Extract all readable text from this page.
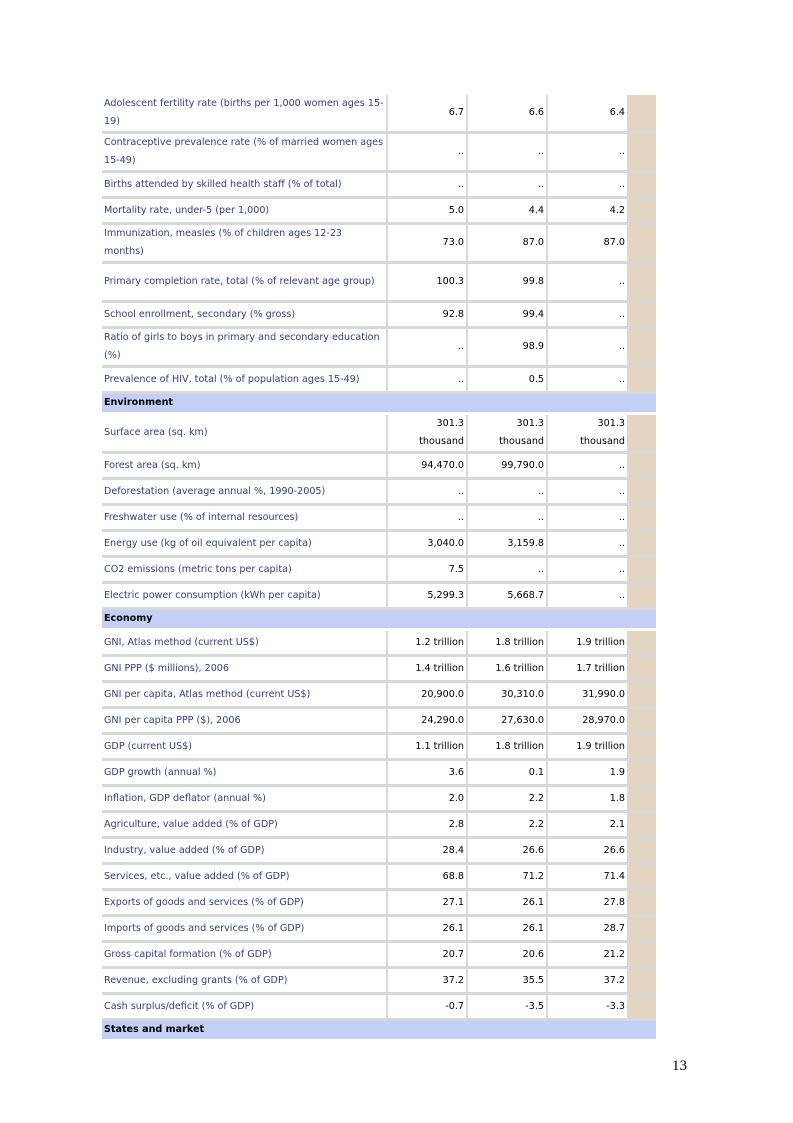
Adolescent fertility rate (births per 1,000 women ages 15-19)	6.7	6.6	6.4	
Contraceptive prevalence rate (% of married women ages 15-49)	..	..	..	
Births attended by skilled health staff (% of total)	..	..	..	
Mortality rate, under-5 (per 1,000)	5.0	4.4	4.2	
Immunization, measles (% of children ages 12-23 months)	73.0	87.0	87.0	
Primary completion rate, total (% of relevant age group)	100.3	99.8	..	
School enrollment, secondary (% gross)	92.8	99.4	..	
Ratio of girls to boys in primary and secondary education (%)	..	98.9	..	
Prevalence of HIV, total (% of population ages 15-49)	..	0.5	..	
Environment				
Surface area (sq. km)	301.3 thousand	301.3 thousand	301.3 thousand	
Forest area (sq. km)	94,470.0	99,790.0	..	
Deforestation (average annual %, 1990-2005)	..	..	..	
Freshwater use (% of internal resources)	..	..	..	
Energy use (kg of oil equivalent per capita)	3,040.0	3,159.8	..	
CO2 emissions (metric tons per capita)	7.5	..	..	
Electric power consumption (kWh per capita)	5,299.3	5,668.7	..	
Economy				
GNI, Atlas method (current US$)	1.2 trillion	1.8 trillion	1.9 trillion	
GNI PPP ($ millions), 2006	1.4 trillion	1.6 trillion	1.7 trillion	
GNI per capita, Atlas method (current US$)	20,900.0	30,310.0	31,990.0	
GNI per capita PPP ($), 2006	24,290.0	27,630.0	28,970.0	
GDP (current US$)	1.1 trillion	1.8 trillion	1.9 trillion	
GDP growth (annual %)	3.6	0.1	1.9	
Inflation, GDP deflator (annual %)	2.0	2.2	1.8	
Agriculture, value added (% of GDP)	2.8	2.2	2.1	
Industry, value added (% of GDP)	28.4	26.6	26.6	
Services, etc., value added (% of GDP)	68.8	71.2	71.4	
Exports of goods and services (% of GDP)	27.1	26.1	27.8	
Imports of goods and services (% of GDP)	26.1	26.1	28.7	
Gross capital formation (% of GDP)	20.7	20.6	21.2	
Revenue, excluding grants (% of GDP)	37.2	35.5	37.2	
Cash surplus/deficit (% of GDP)	-0.7	-3.5	-3.3	
States and market				
13
